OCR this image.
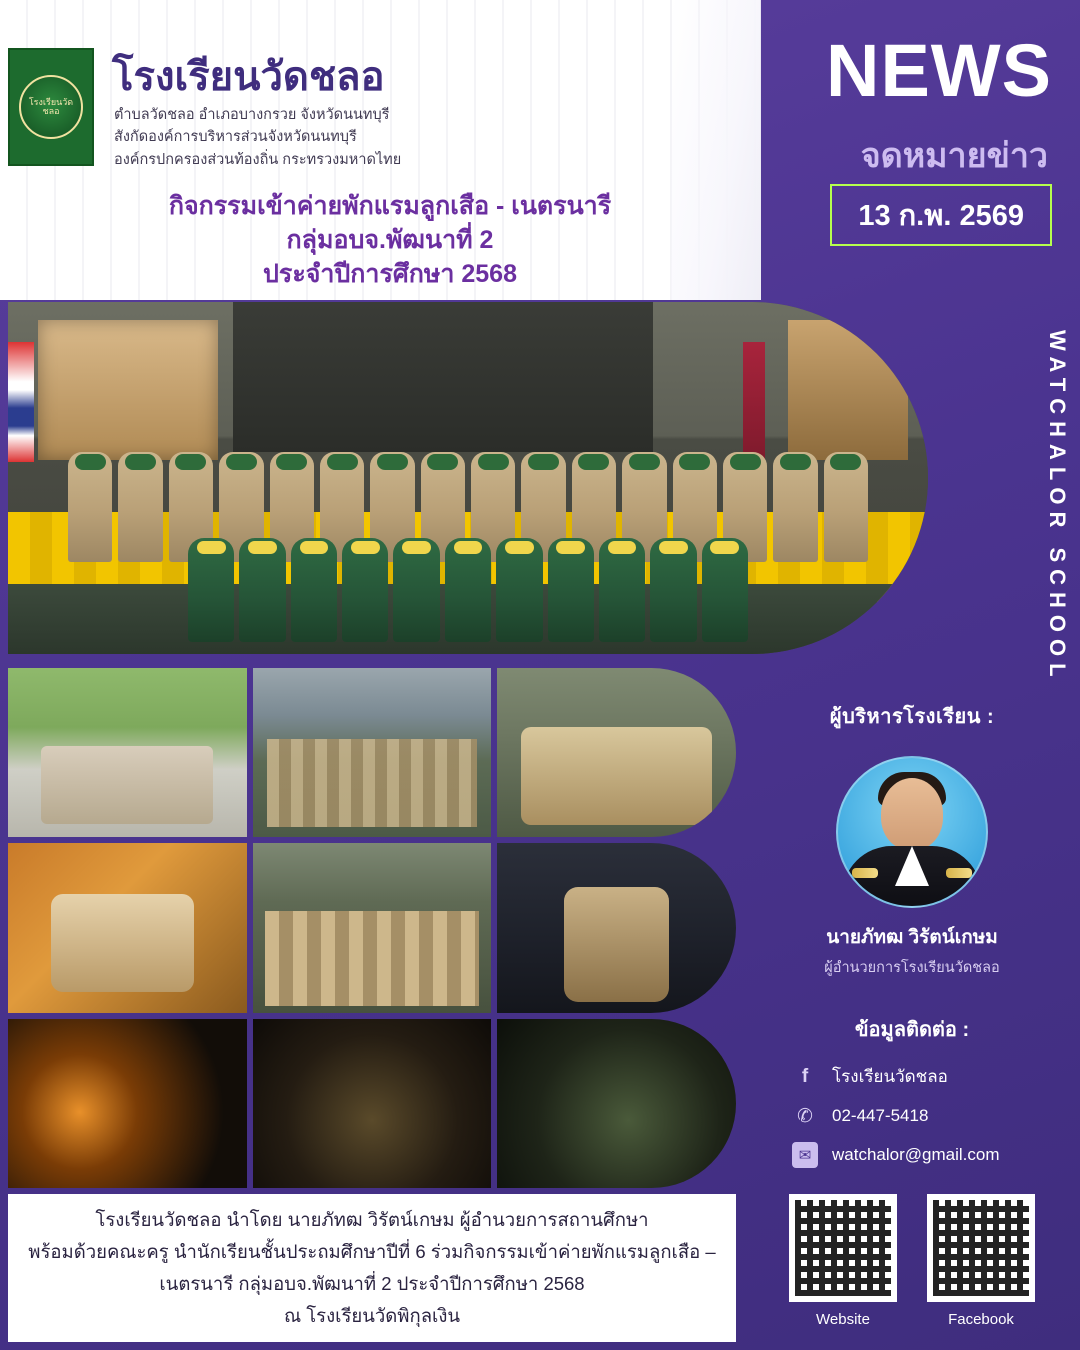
โรงเรียนวัดชลอ
โรงเรียนวัดชลอ
ตำบลวัดชลอ อำเภอบางกรวย จังหวัดนนทบุรี
สังกัดองค์การบริหารส่วนจังหวัดนนทบุรี
องค์กรปกครองส่วนท้องถิ่น กระทรวงมหาดไทย
กิจกรรมเข้าค่ายพักแรมลูกเสือ - เนตรนารี
กลุ่มอบจ.พัฒนาที่ 2
ประจำปีการศึกษา 2568
NEWS
จดหมายข่าว
13 ก.พ. 2569
WATCHALOR SCHOOL

โรงเรียนวัดชลอ นำโดย นายภัทฒ วิรัตน์เกษม ผู้อำนวยการสถานศึกษา
พร้อมด้วยคณะครู นำนักเรียนชั้นประถมศึกษาปีที่ 6 ร่วมกิจกรรมเข้าค่ายพักแรมลูกเสือ –
เนตรนารี กลุ่มอบจ.พัฒนาที่ 2 ประจำปีการศึกษา 2568
ณ โรงเรียนวัดพิกุลเงิน

ผู้บริหารโรงเรียน :
นายภัทฒ วิรัตน์เกษม
ผู้อำนวยการโรงเรียนวัดชลอ
ข้อมูลติดต่อ :
f	โรงเรียนวัดชลอ
✆ 02-447-5418
✉	watchalor@gmail.com
Website	Facebook
